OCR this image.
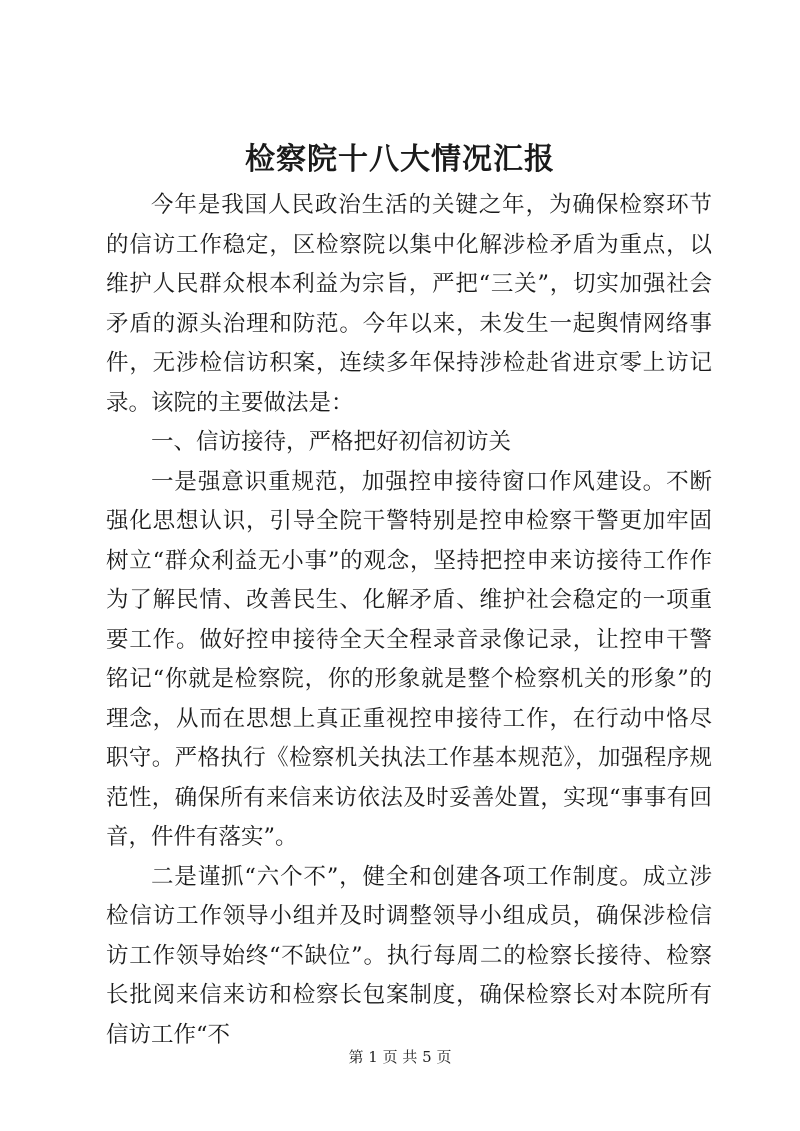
检察院十八大情况汇报

今年是我国人民政治生活的关键之年，为确保检察环节的信访工作稳定，区检察院以集中化解涉检矛盾为重点，以维护人民群众根本利益为宗旨，严把“三关”，切实加强社会矛盾的源头治理和防范。今年以来，未发生一起舆情网络事件，无涉检信访积案，连续多年保持涉检赴省进京零上访记录。该院的主要做法是：

一、信访接待，严格把好初信初访关

一是强意识重规范，加强控申接待窗口作风建设。不断强化思想认识，引导全院干警特别是控申检察干警更加牢固树立“群众利益无小事”的观念，坚持把控申来访接待工作作为了解民情、改善民生、化解矛盾、维护社会稳定的一项重要工作。做好控申接待全天全程录音录像记录，让控申干警铭记“你就是检察院，你的形象就是整个检察机关的形象”的理念，从而在思想上真正重视控申接待工作，在行动中恪尽职守。严格执行《检察机关执法工作基本规范》，加强程序规范性，确保所有来信来访依法及时妥善处置，实现“事事有回音，件件有落实”。

二是谨抓“六个不”，健全和创建各项工作制度。成立涉检信访工作领导小组并及时调整领导小组成员，确保涉检信访工作领导始终“不缺位”。执行每周二的检察长接待、检察长批阅来信来访和检察长包案制度，确保检察长对本院所有信访工作“不

第 1 页 共 5 页
